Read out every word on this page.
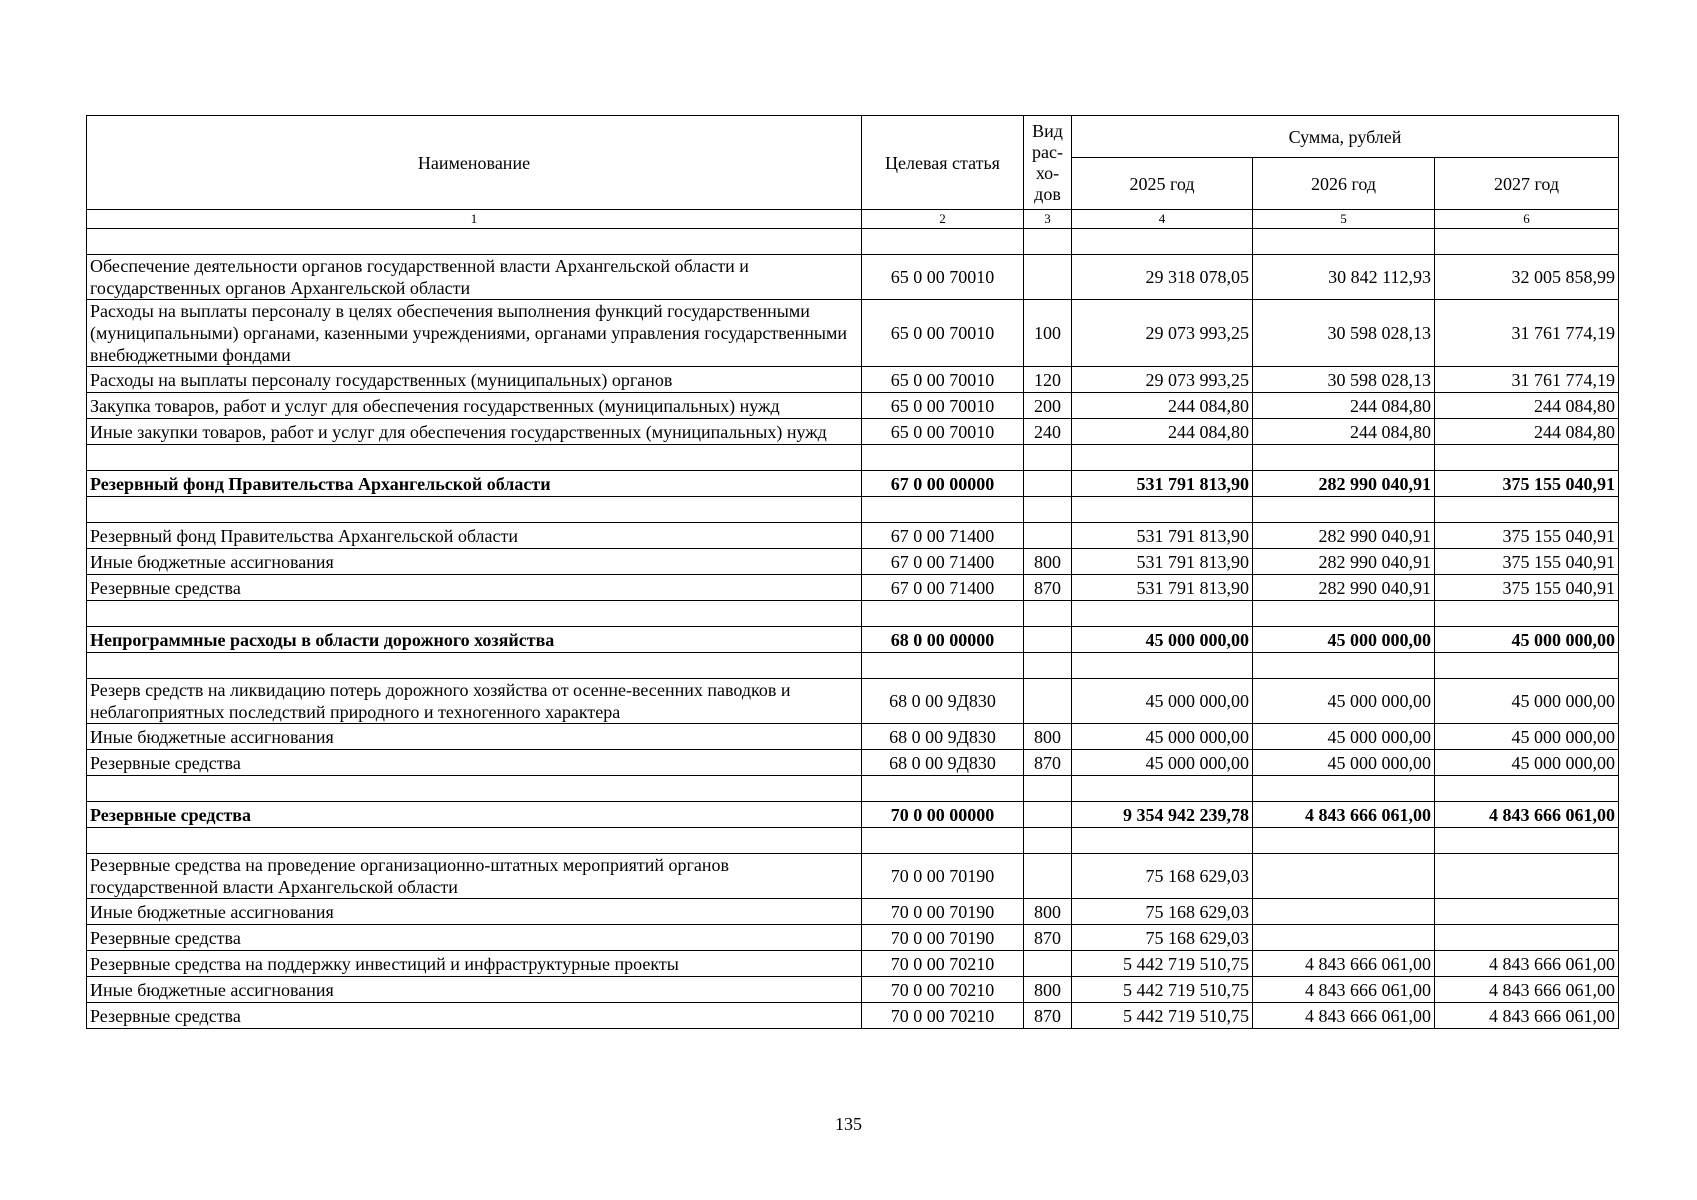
Наименование	Целевая статья	Вид рас-хо-дов	Сумма, рублей		
			2025 год	2026 год	2027 год
1	2	3	4	5	6

Обеспечение деятельности органов государственной власти Архангельской области и государственных органов Архангельской области	65 0 00 70010		29 318 078,05	30 842 112,93	32 005 858,99
Расходы на выплаты персоналу в целях обеспечения выполнения функций государственными (муниципальными) органами, казенными учреждениями, органами управления государственными внебюджетными фондами	65 0 00 70010	100	29 073 993,25	30 598 028,13	31 761 774,19
Расходы на выплаты персоналу государственных (муниципальных) органов	65 0 00 70010	120	29 073 993,25	30 598 028,13	31 761 774,19
Закупка товаров, работ и услуг для обеспечения государственных (муниципальных) нужд	65 0 00 70010	200	244 084,80	244 084,80	244 084,80
Иные закупки товаров, работ и услуг для обеспечения государственных (муниципальных) нужд	65 0 00 70010	240	244 084,80	244 084,80	244 084,80

Резервный фонд Правительства Архангельской области	67 0 00 00000		531 791 813,90	282 990 040,91	375 155 040,91

Резервный фонд Правительства Архангельской области	67 0 00 71400		531 791 813,90	282 990 040,91	375 155 040,91
Иные бюджетные ассигнования	67 0 00 71400	800	531 791 813,90	282 990 040,91	375 155 040,91
Резервные средства	67 0 00 71400	870	531 791 813,90	282 990 040,91	375 155 040,91

Непрограммные расходы в области дорожного хозяйства	68 0 00 00000		45 000 000,00	45 000 000,00	45 000 000,00

Резерв средств на ликвидацию потерь дорожного хозяйства от осенне-весенних паводков и неблагоприятных последствий природного и техногенного характера	68 0 00 9Д830		45 000 000,00	45 000 000,00	45 000 000,00
Иные бюджетные ассигнования	68 0 00 9Д830	800	45 000 000,00	45 000 000,00	45 000 000,00
Резервные средства	68 0 00 9Д830	870	45 000 000,00	45 000 000,00	45 000 000,00

Резервные средства	70 0 00 00000		9 354 942 239,78	4 843 666 061,00	4 843 666 061,00

Резервные средства на проведение организационно-штатных мероприятий органов государственной власти Архангельской области	70 0 00 70190		75 168 629,03		
Иные бюджетные ассигнования	70 0 00 70190	800	75 168 629,03		
Резервные средства	70 0 00 70190	870	75 168 629,03		
Резервные средства на поддержку инвестиций и инфраструктурные проекты	70 0 00 70210		5 442 719 510,75	4 843 666 061,00	4 843 666 061,00
Иные бюджетные ассигнования	70 0 00 70210	800	5 442 719 510,75	4 843 666 061,00	4 843 666 061,00
Резервные средства	70 0 00 70210	870	5 442 719 510,75	4 843 666 061,00	4 843 666 061,00
135
